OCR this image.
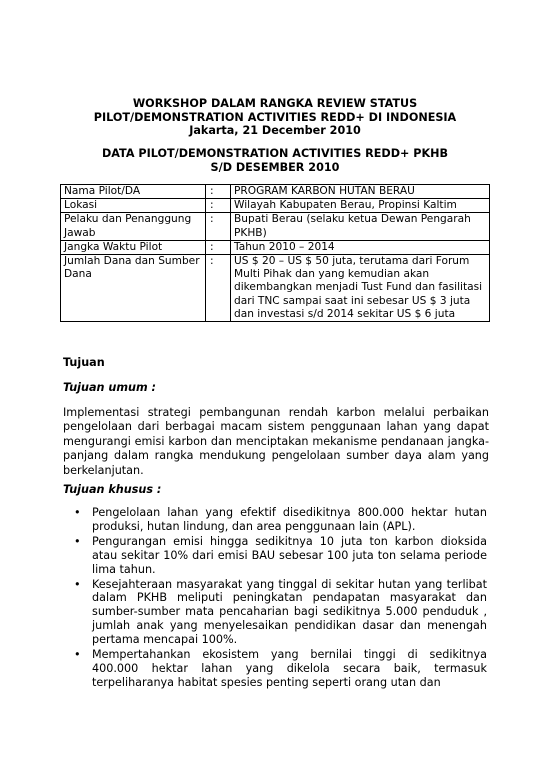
WORKSHOP DALAM RANGKA REVIEW STATUS
PILOT/DEMONSTRATION ACTIVITIES REDD+ DI INDONESIA
Jakarta, 21 December 2010
DATA PILOT/DEMONSTRATION ACTIVITIES REDD+ PKHB
S/D DESEMBER 2010
Nama Pilot/DA	:	PROGRAM KARBON HUTAN BERAU
Lokasi	:	Wilayah Kabupaten Berau, Propinsi Kaltim
Pelaku dan Penanggung Jawab	:	Bupati Berau (selaku ketua Dewan Pengarah PKHB)
Jangka Waktu Pilot	:	Tahun 2010 – 2014
Jumlah Dana dan Sumber Dana	:	US $ 20 – US $ 50 juta, terutama dari Forum Multi Pihak dan yang kemudian akan dikembangkan menjadi Tust Fund dan fasilitasi dari TNC sampai saat ini sebesar US $ 3 juta dan investasi s/d 2014 sekitar US $ 6 juta
Tujuan
Tujuan umum :
Implementasi strategi pembangunan rendah karbon melalui perbaikan pengelolaan dari berbagai macam sistem penggunaan lahan yang dapat mengurangi emisi karbon dan menciptakan mekanisme pendanaan jangka-panjang dalam rangka mendukung pengelolaan sumber daya alam yang berkelanjutan.
Tujuan khusus :
• Pengelolaan lahan yang efektif disedikitnya 800.000 hektar hutan produksi, hutan lindung, dan area penggunaan lain (APL).
• Pengurangan emisi hingga sedikitnya 10 juta ton karbon dioksida atau sekitar 10% dari emisi BAU sebesar 100 juta ton selama periode lima tahun.
• Kesejahteraan masyarakat yang tinggal di sekitar hutan yang terlibat dalam PKHB meliputi peningkatan pendapatan masyarakat dan sumber-sumber mata pencaharian bagi sedikitnya 5.000 penduduk , jumlah anak yang menyelesaikan pendidikan dasar dan menengah pertama mencapai 100%.
• Mempertahankan ekosistem yang bernilai tinggi di sedikitnya 400.000 hektar lahan yang dikelola secara baik, termasuk terpeliharanya habitat spesies penting seperti orang utan dan
